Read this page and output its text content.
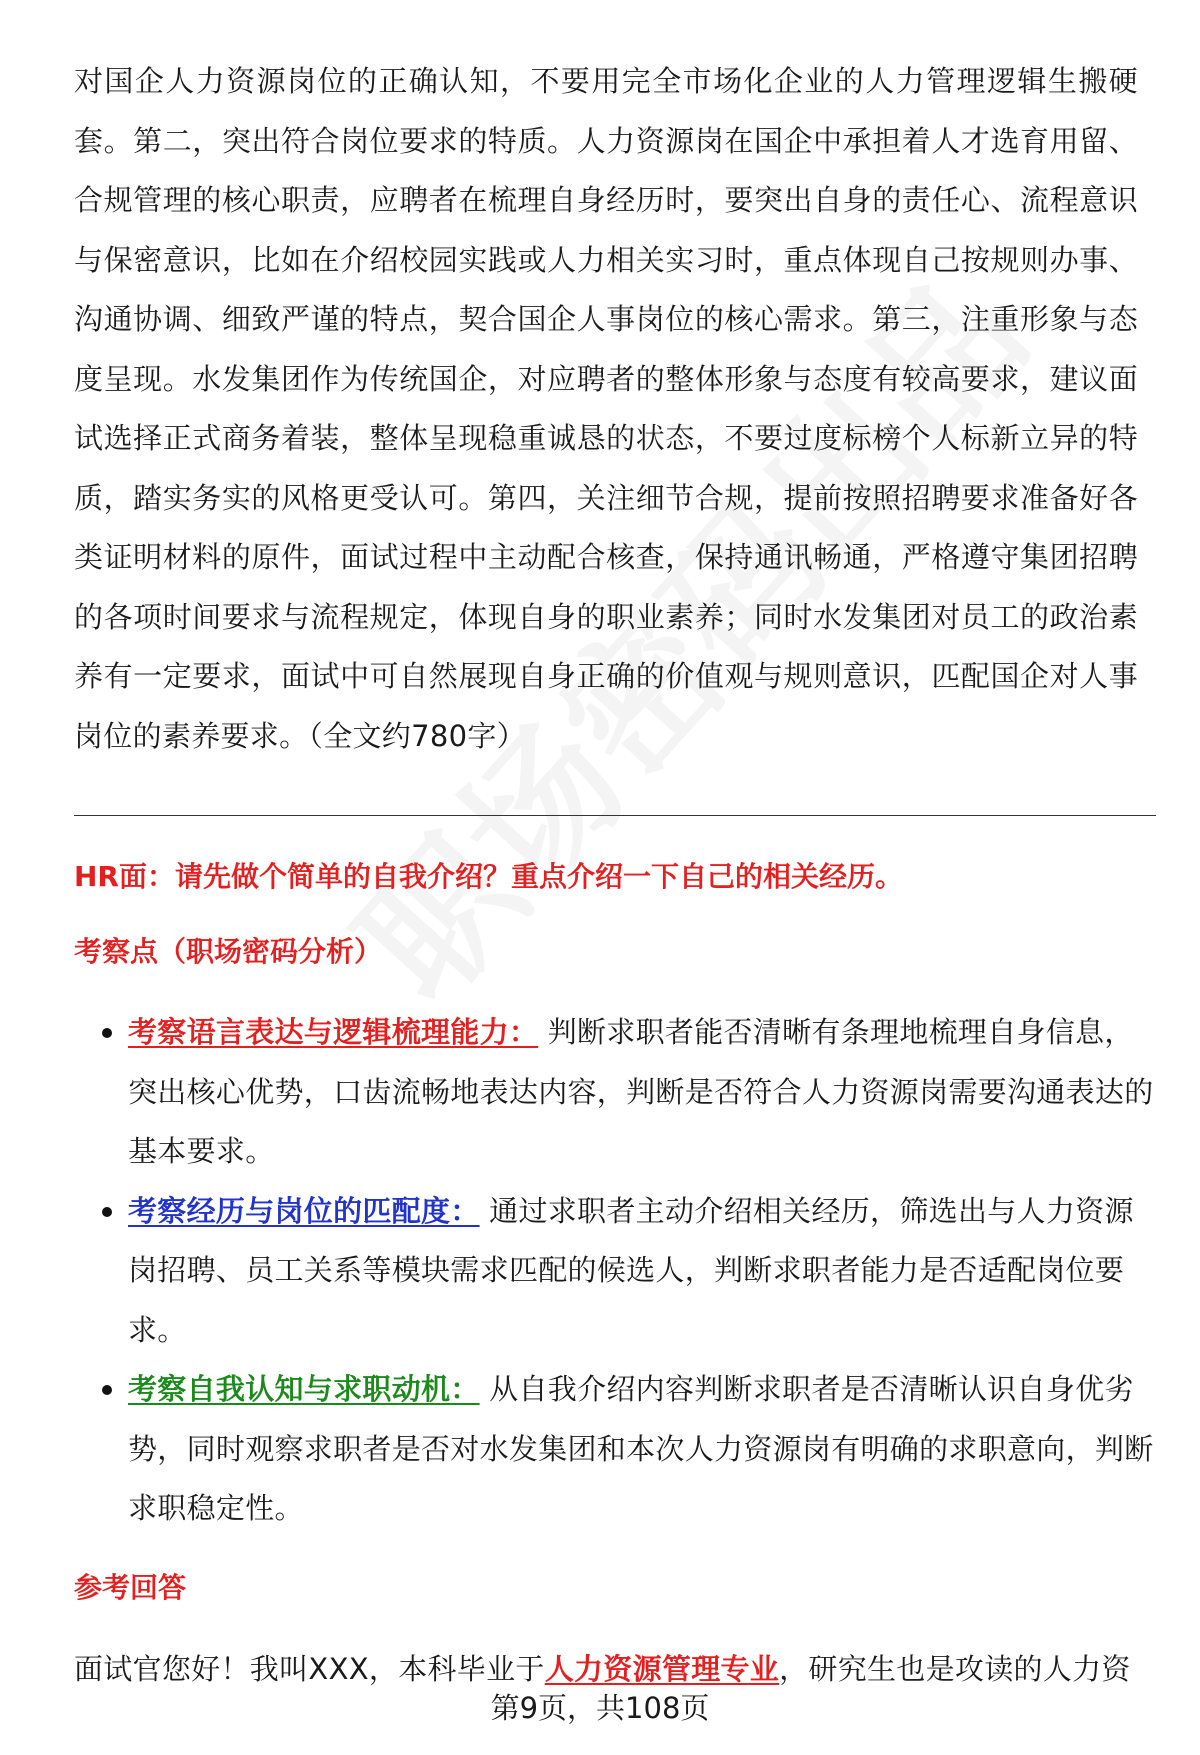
对国企人力资源岗位的正确认知，不要用完全市场化企业的人力管理逻辑生搬硬套。第二，突出符合岗位要求的特质。人力资源岗在国企中承担着人才选育用留、合规管理的核心职责，应聘者在梳理自身经历时，要突出自身的责任心、流程意识与保密意识，比如在介绍校园实践或人力相关实习时，重点体现自己按规则办事、沟通协调、细致严谨的特点，契合国企人事岗位的核心需求。第三，注重形象与态度呈现。水发集团作为传统国企，对应聘者的整体形象与态度有较高要求，建议面试选择正式商务着装，整体呈现稳重诚恳的状态，不要过度标榜个人标新立异的特质，踏实务实的风格更受认可。第四，关注细节合规，提前按照招聘要求准备好各类证明材料的原件，面试过程中主动配合核查，保持通讯畅通，严格遵守集团招聘的各项时间要求与流程规定，体现自身的职业素养；同时水发集团对员工的政治素养有一定要求，面试中可自然展现自身正确的价值观与规则意识，匹配国企对人事岗位的素养要求。（全文约780字）

HR面：请先做个简单的自我介绍？重点介绍一下自己的相关经历。
考察点（职场密码分析）
考察语言表达与逻辑梳理能力： 判断求职者能否清晰有条理地梳理自身信息，突出核心优势，口齿流畅地表达内容，判断是否符合人力资源岗需要沟通表达的基本要求。
考察经历与岗位的匹配度： 通过求职者主动介绍相关经历，筛选出与人力资源岗招聘、员工关系等模块需求匹配的候选人，判断求职者能力是否适配岗位要求。
考察自我认知与求职动机： 从自我介绍内容判断求职者是否清晰认识自身优劣势，同时观察求职者是否对水发集团和本次人力资源岗有明确的求职意向，判断求职稳定性。
参考回答

面试官您好！我叫XXX，本科毕业于人力资源管理专业，研究生也是攻读的人力资

第9页，共108页
